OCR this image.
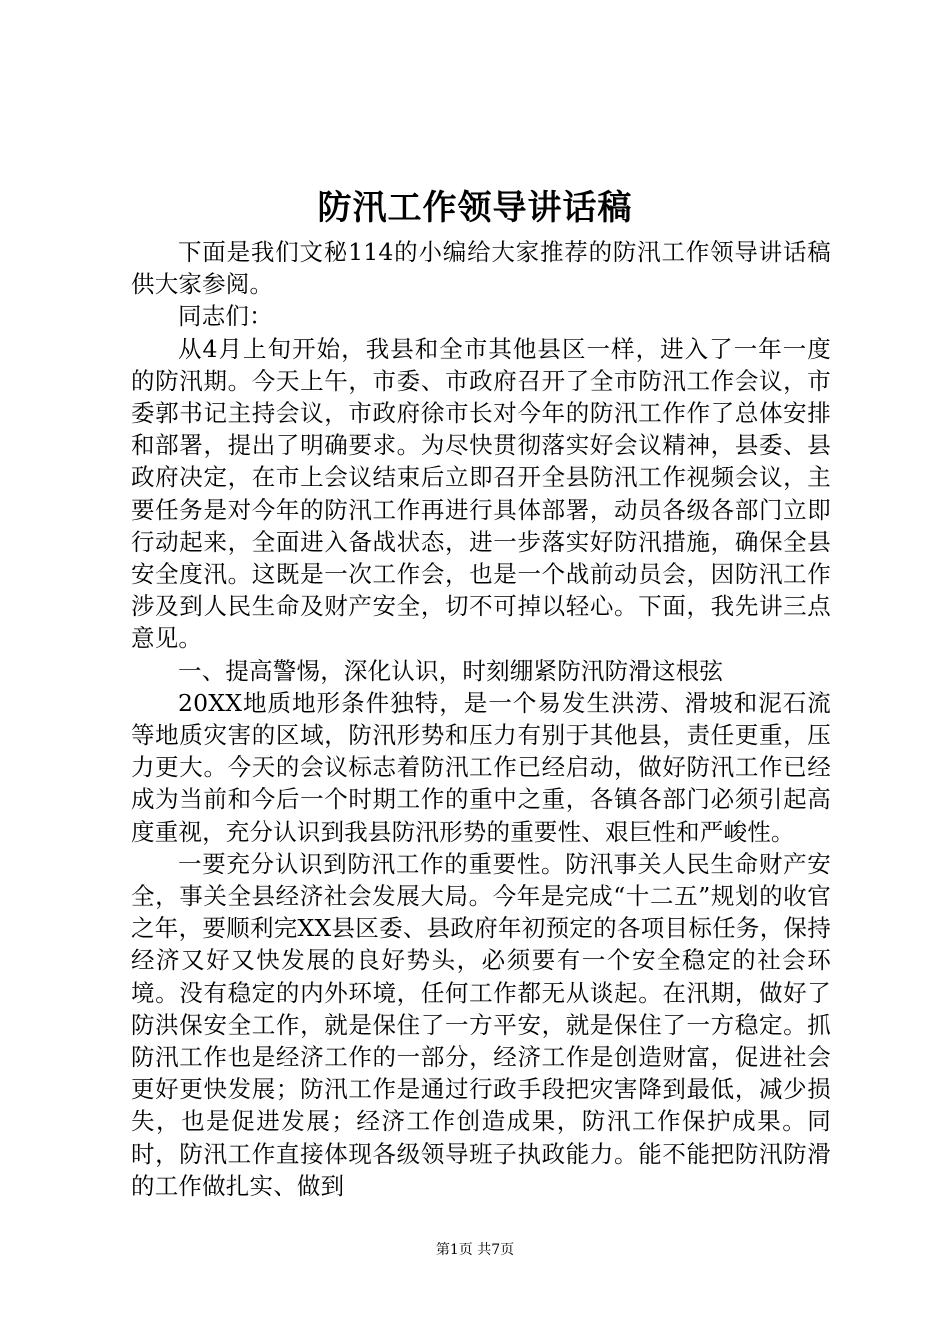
防汛工作领导讲话稿

下面是我们文秘114的小编给大家推荐的防汛工作领导讲话稿供大家参阅。

同志们：

从4月上旬开始，我县和全市其他县区一样，进入了一年一度的防汛期。今天上午，市委、市政府召开了全市防汛工作会议，市委郭书记主持会议，市政府徐市长对今年的防汛工作作了总体安排和部署，提出了明确要求。为尽快贯彻落实好会议精神，县委、县政府决定，在市上会议结束后立即召开全县防汛工作视频会议，主要任务是对今年的防汛工作再进行具体部署，动员各级各部门立即行动起来，全面进入备战状态，进一步落实好防汛措施，确保全县安全度汛。这既是一次工作会，也是一个战前动员会，因防汛工作涉及到人民生命及财产安全，切不可掉以轻心。下面，我先讲三点意见。

一、提高警惕，深化认识，时刻绷紧防汛防滑这根弦

20XX地质地形条件独特，是一个易发生洪涝、滑坡和泥石流等地质灾害的区域，防汛形势和压力有别于其他县，责任更重，压力更大。今天的会议标志着防汛工作已经启动，做好防汛工作已经成为当前和今后一个时期工作的重中之重，各镇各部门必须引起高度重视，充分认识到我县防汛形势的重要性、艰巨性和严峻性。

一要充分认识到防汛工作的重要性。防汛事关人民生命财产安全，事关全县经济社会发展大局。今年是完成“十二五”规划的收官之年，要顺利完XX县区委、县政府年初预定的各项目标任务，保持经济又好又快发展的良好势头，必须要有一个安全稳定的社会环境。没有稳定的内外环境，任何工作都无从谈起。在汛期，做好了防洪保安全工作，就是保住了一方平安，就是保住了一方稳定。抓防汛工作也是经济工作的一部分，经济工作是创造财富，促进社会更好更快发展；防汛工作是通过行政手段把灾害降到最低，减少损失，也是促进发展；经济工作创造成果，防汛工作保护成果。同时，防汛工作直接体现各级领导班子执政能力。能不能把防汛防滑的工作做扎实、做到

第1页 共7页
